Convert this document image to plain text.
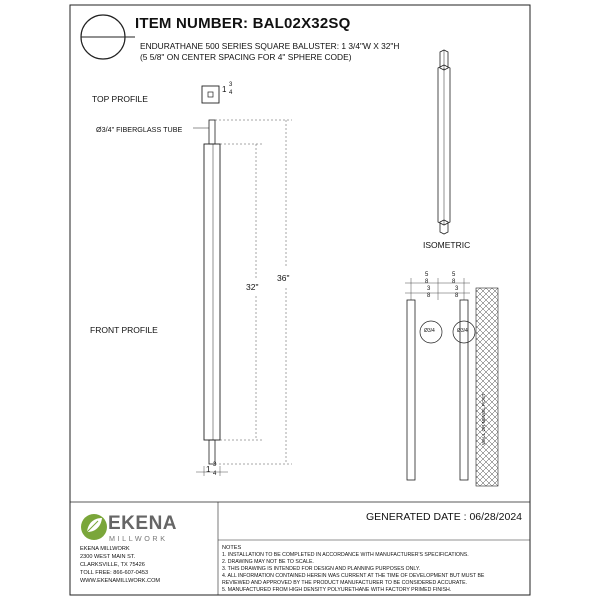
ITEM NUMBER: BAL02X32SQ
ENDURATHANE 500 SERIES SQUARE BALUSTER: 1 3/4"W X 32"H
(5 5/8" ON CENTER SPACING FOR 4" SPHERE CODE)
TOP PROFILE
Ø3/4" FIBERGLASS TUBE
FRONT PROFILE
ISOMETRIC
32"
36"
1 3
4
1 3
4
5
8
5
8
3
8
3
8
Ø3/4	Ø3/4
WALL OR NEWEL POST
GENERATED DATE : 06/28/2024
EKENA
MILLWORK
EKENA MILLWORK
2300 WEST MAIN ST.
CLARKSVILLE, TX 75426
TOLL FREE: 866-607-0453
WWW.EKENAMILLWORK.COM
NOTES
1. INSTALLATION TO BE COMPLETED IN ACCORDANCE WITH MANUFACTURER'S SPECIFICATIONS.
2. DRAWING MAY NOT BE TO SCALE.
3. THIS DRAWING IS INTENDED FOR DESIGN AND PLANNING PURPOSES ONLY.
4. ALL INFORMATION CONTAINED HEREIN WAS CURRENT AT THE TIME OF DEVELOPMENT BUT MUST BE
REVIEWED AND APPROVED BY THE PRODUCT MANUFACTURER TO BE CONSIDERED ACCURATE.
5. MANUFACTURED FROM HIGH DENSITY POLYURETHANE WITH FACTORY PRIMED FINISH.
